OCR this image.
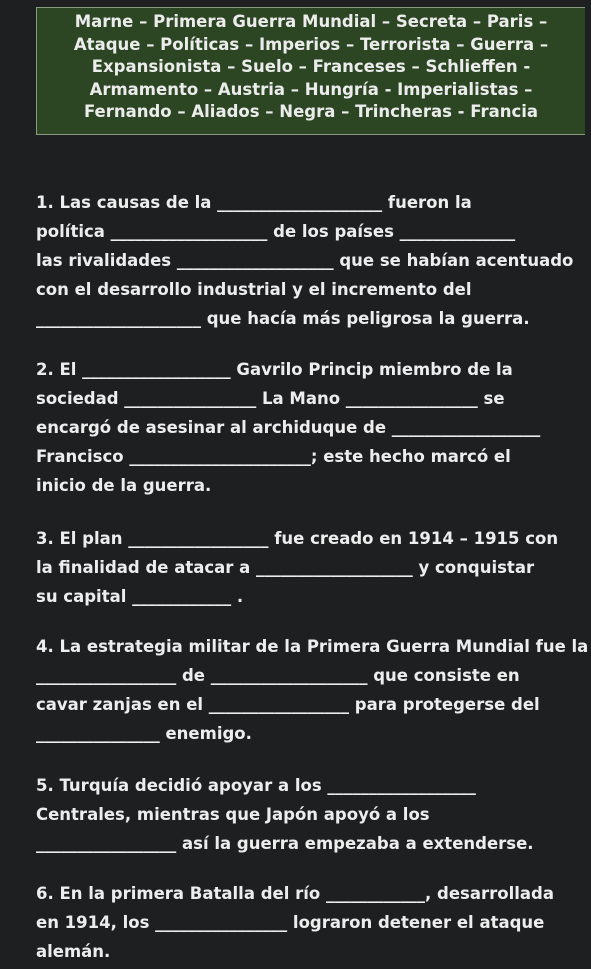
Marne – Primera Guerra Mundial – Secreta – Paris –
Ataque – Políticas – Imperios – Terrorista – Guerra –
Expansionista – Suelo – Franceses – Schlieffen -
Armamento – Austria – Hungría - Imperialistas –
Fernando – Aliados – Negra – Trincheras - Francia
1. Las causas de la ____________________ fueron la
política ___________________ de los países ______________
las rivalidades ___________________ que se habían acentuado
con el desarrollo industrial y el incremento del
____________________ que hacía más peligrosa la guerra.
2. El __________________ Gavrilo Princip miembro de la
sociedad ________________ La Mano ________________ se
encargó de asesinar al archiduque de __________________
Francisco ______________________; este hecho marcó el
inicio de la guerra.
3. El plan _________________ fue creado en 1914 – 1915 con
la finalidad de atacar a ___________________ y conquistar
su capital ____________ .
4. La estrategia militar de la Primera Guerra Mundial fue la
_________________ de ___________________ que consiste en
cavar zanjas en el _________________ para protegerse del
_______________ enemigo.
5. Turquía decidió apoyar a los __________________
Centrales, mientras que Japón apoyó a los
_________________ así la guerra empezaba a extenderse.
6. En la primera Batalla del río ____________, desarrollada
en 1914, los ________________ lograron detener el ataque
alemán.
